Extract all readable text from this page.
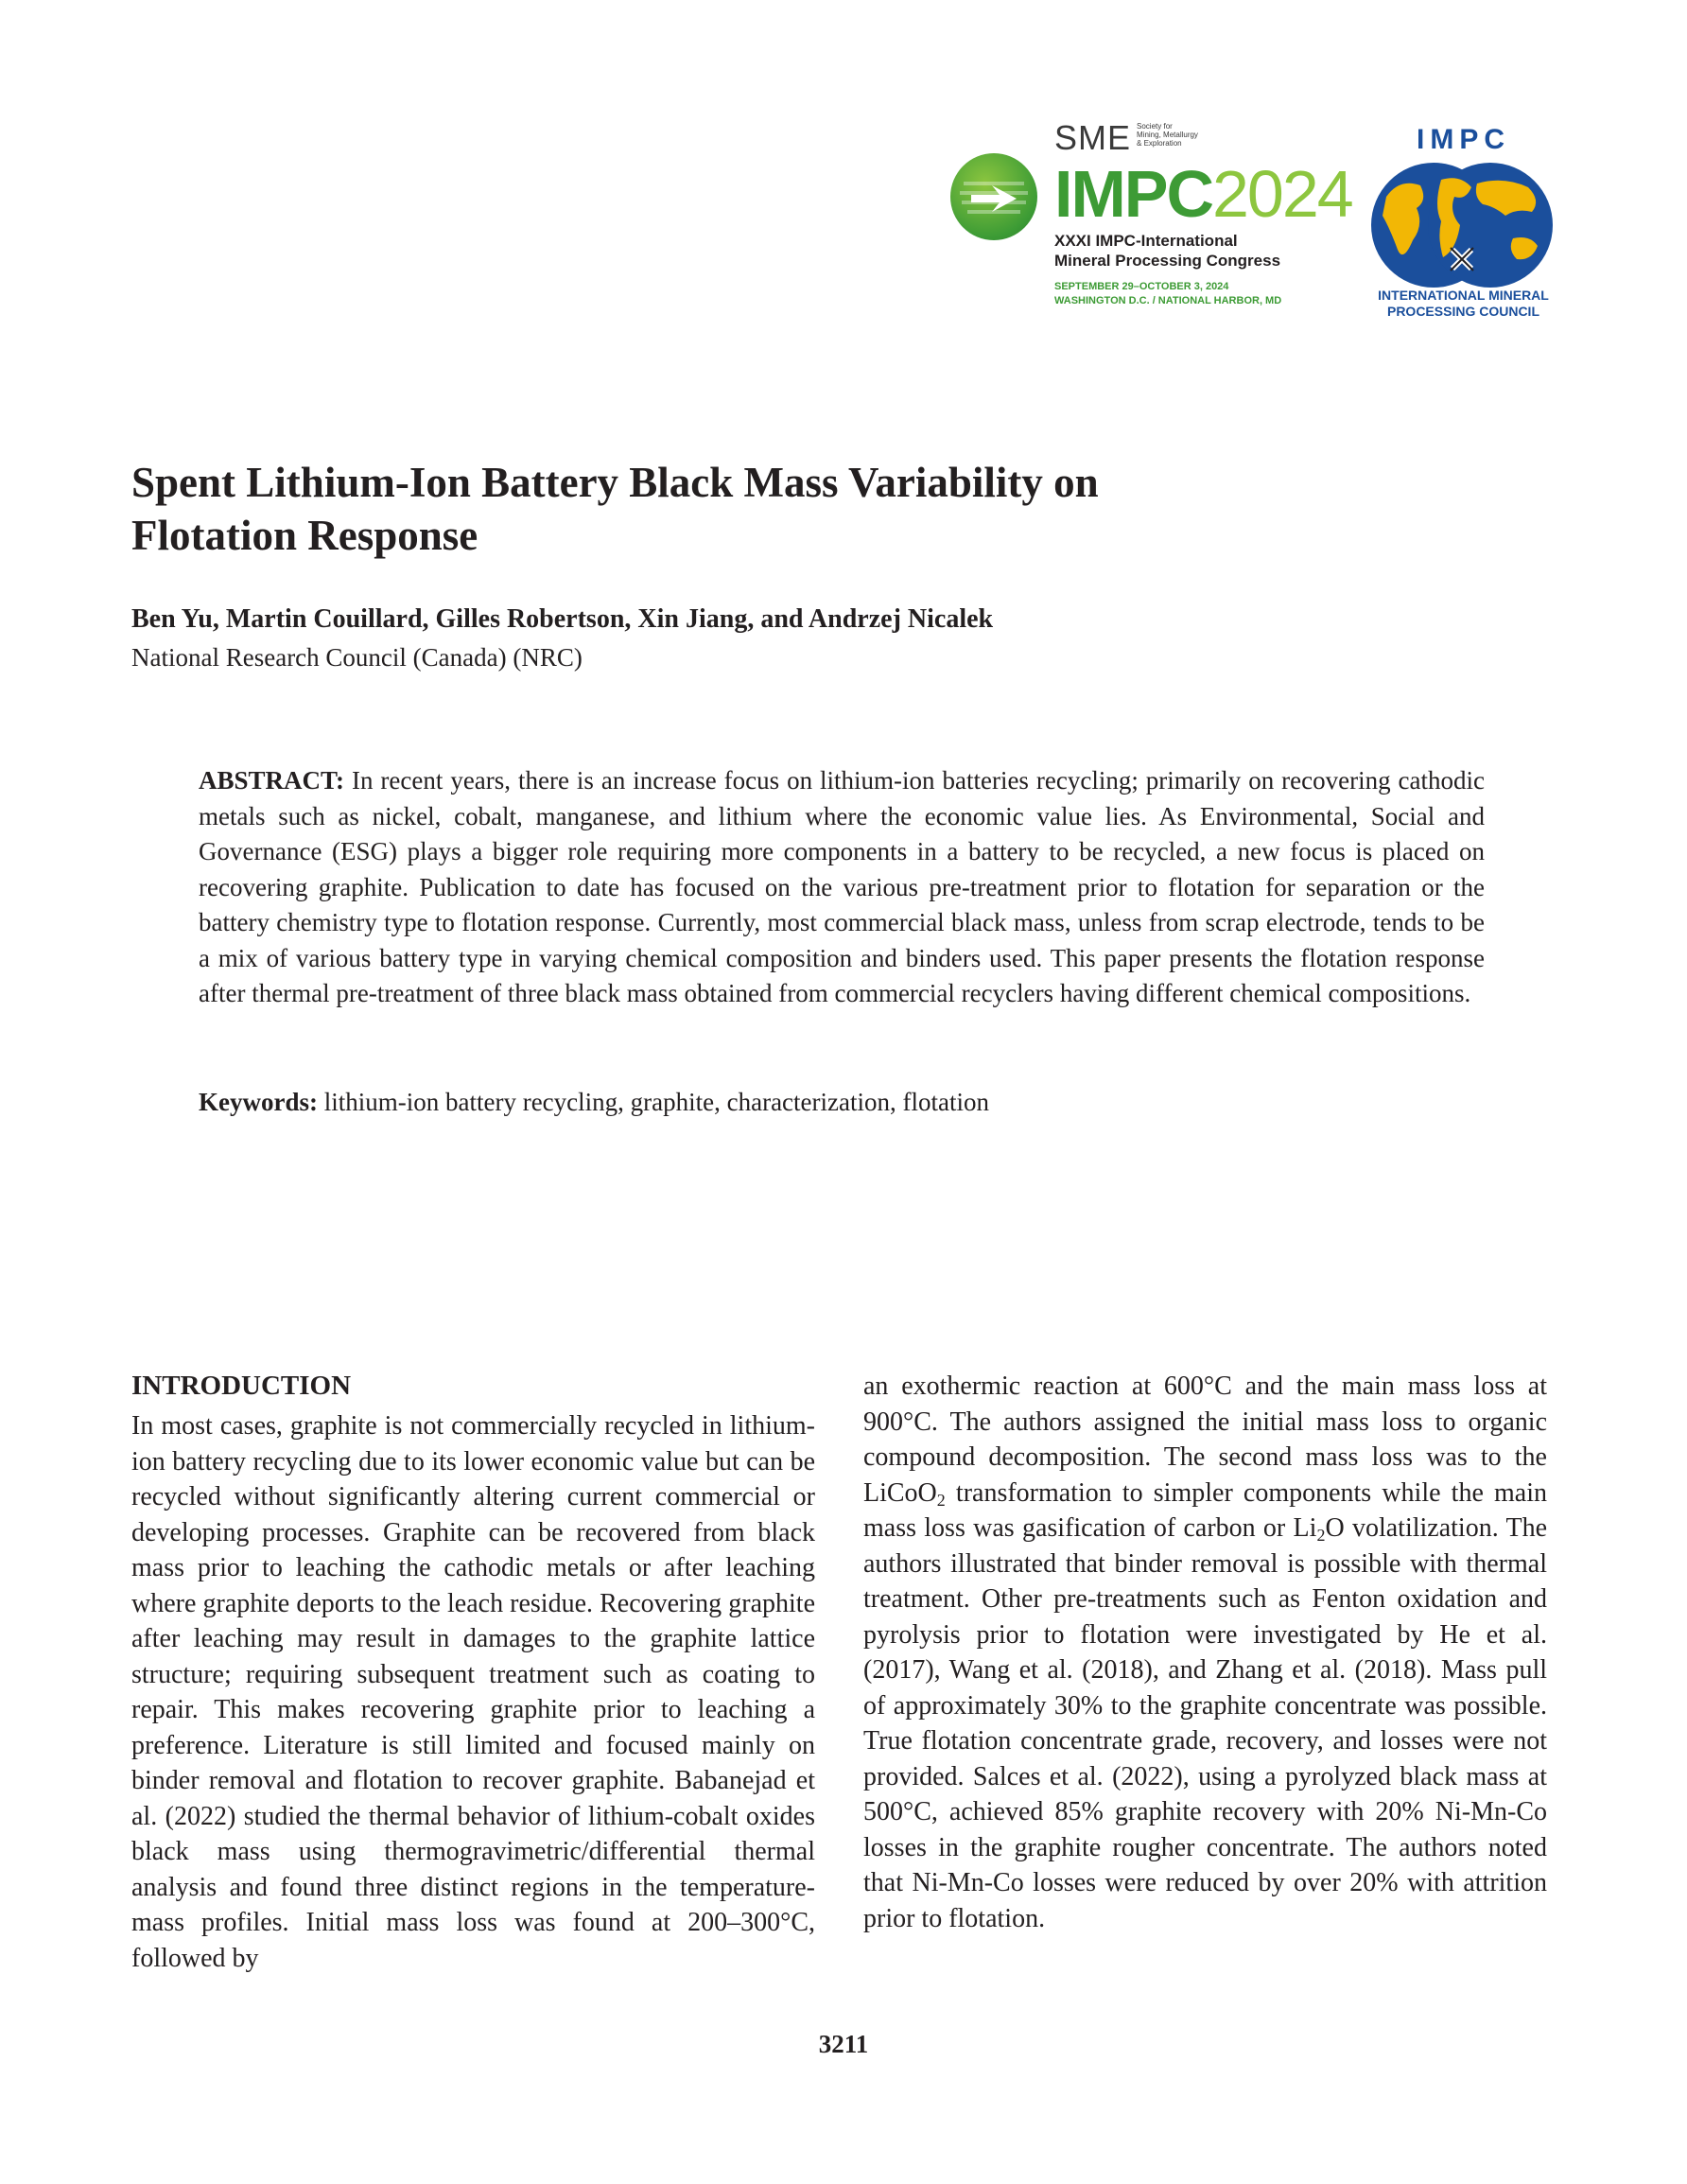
SME Society for
Mining, Metallurgy
& Exploration
IMPC2024
XXXI IMPC-International
Mineral Processing Congress
SEPTEMBER 29–OCTOBER 3, 2024
WASHINGTON D.C. / NATIONAL HARBOR, MD
IMPC
INTERNATIONAL MINERAL
PROCESSING COUNCIL
Spent Lithium-Ion Battery Black Mass Variability on
Flotation Response

Ben Yu, Martin Couillard, Gilles Robertson, Xin Jiang, and Andrzej Nicalek

National Research Council (Canada) (NRC)

ABSTRACT: In recent years, there is an increase focus on lithium-ion batteries recycling; primarily on recovering cathodic metals such as nickel, cobalt, manganese, and lithium where the economic value lies. As Environmental, Social and Governance (ESG) plays a bigger role requiring more components in a battery to be recycled, a new focus is placed on recovering graphite. Publication to date has focused on the various pre-treatment prior to flotation for separation or the battery chemistry type to flotation response. Currently, most commercial black mass, unless from scrap electrode, tends to be a mix of various battery type in varying chemical composition and binders used. This paper presents the flotation response after thermal pre-treatment of three black mass obtained from commercial recyclers having different chemical compositions.

Keywords: lithium-ion battery recycling, graphite, characterization, flotation

INTRODUCTION

In most cases, graphite is not commercially recycled in lithium-ion battery recycling due to its lower economic value but can be recycled without significantly altering current commercial or developing processes. Graphite can be recovered from black mass prior to leaching the cathodic metals or after leaching where graphite deports to the leach residue. Recovering graphite after leaching may result in damages to the graphite lattice structure; requiring subsequent treatment such as coating to repair. This makes recovering graphite prior to leaching a preference. Literature is still limited and focused mainly on binder removal and flotation to recover graphite. Babanejad et al. (2022) studied the thermal behavior of lithium-cobalt oxides black mass using thermogravimetric/differential thermal analysis and found three distinct regions in the temperature-mass profiles. Initial mass loss was found at 200–300°C, followed by

an exothermic reaction at 600°C and the main mass loss at 900°C. The authors assigned the initial mass loss to organic compound decomposition. The second mass loss was to the LiCoO$_2$ transformation to simpler components while the main mass loss was gasification of carbon or $Li_2O$ volatilization. The authors illustrated that binder removal is possible with thermal treatment. Other pre-treatments such as Fenton oxidation and pyrolysis prior to flotation were investigated by He et al. (2017), Wang et al. (2018), and Zhang et al. (2018). Mass pull of approximately 30% to the graphite concentrate was possible. True flotation concentrate grade, recovery, and losses were not provided. Salces et al. (2022), using a pyrolyzed black mass at 500°C, achieved 85% graphite recovery with 20% Ni-Mn-Co losses in the graphite rougher concentrate. The authors noted that Ni-Mn-Co losses were reduced by over 20% with attrition prior to flotation.

3211
